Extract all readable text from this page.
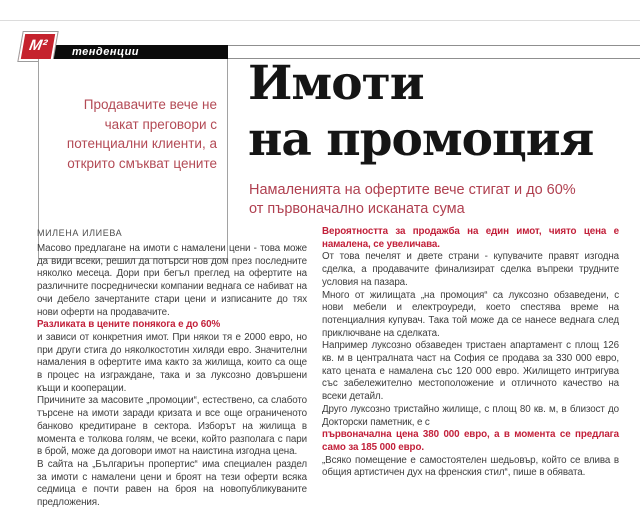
тенденции
M²

Продавачите вече не чакат преговори с потенциални клиенти, а открито смъкват цените

Имоти
на промоция

Намаленията на офертите вече стигат и до 60% от първоначално исканата сума

МИЛЕНА ИЛИЕВА

Масово предлагане на имоти с намалени цени - това може да види всеки, решил да потърси нов дом през последните няколко месеца. Дори при бегъл преглед на офертите на различните посреднически компании веднага се набиват на очи дебело зачертаните стари цени и изписаните до тях нови оферти на продавачите.

Разликата в цените понякога е до 60%

и зависи от конкретния имот. При някои тя е 2000 евро, но при други стига до няколкостотин хиляди евро. Значителни намаления в офертите има както за жилища, които са още в процес на изграждане, така и за луксозно довършени къщи и кооперации.

Причините за масовите „промоции“, естествено, са слабото търсене на имоти заради кризата и все още ограниченото банково кредитиране в сектора. Изборът на жилища в момента е толкова голям, че всеки, който разполага с пари в брой, може да договори имот на наистина изгодна цена.

В сайта на „Българиън пропертис“ има специален раздел за имоти с намалени цени и броят на тези оферти всяка седмица е почти равен на броя на новопубликуваните предложения.

Вероятността за продажба на един имот, чиято цена е намалена, се увеличава.

От това печелят и двете страни - купувачите правят изгодна сделка, а продавачите финализират сделка въпреки трудните условия на пазара.

Много от жилищата „на промоция“ са луксозно обзаведени, с нови мебели и електроуреди, което спестява време на потенциалния купувач. Така той може да се нанесе веднага след приключване на сделката.

Например луксозно обзаведен тристаен апартамент с площ 126 кв. м в централната част на София се продава за 330 000 евро, като цената е намалена със 120 000 евро. Жилището интригува със забележително местоположение и отличното качество на всеки детайл.

Друго луксозно тристайно жилище, с площ 80 кв. м, в близост до Докторски паметник, е с

първоначална цена 380 000 евро, а в момента се предлага само за 185 000 евро.

„Всяко помещение е самостоятелен шедьовър, който се влива в общия артистичен дух на френския стил“, пише в обявата.
